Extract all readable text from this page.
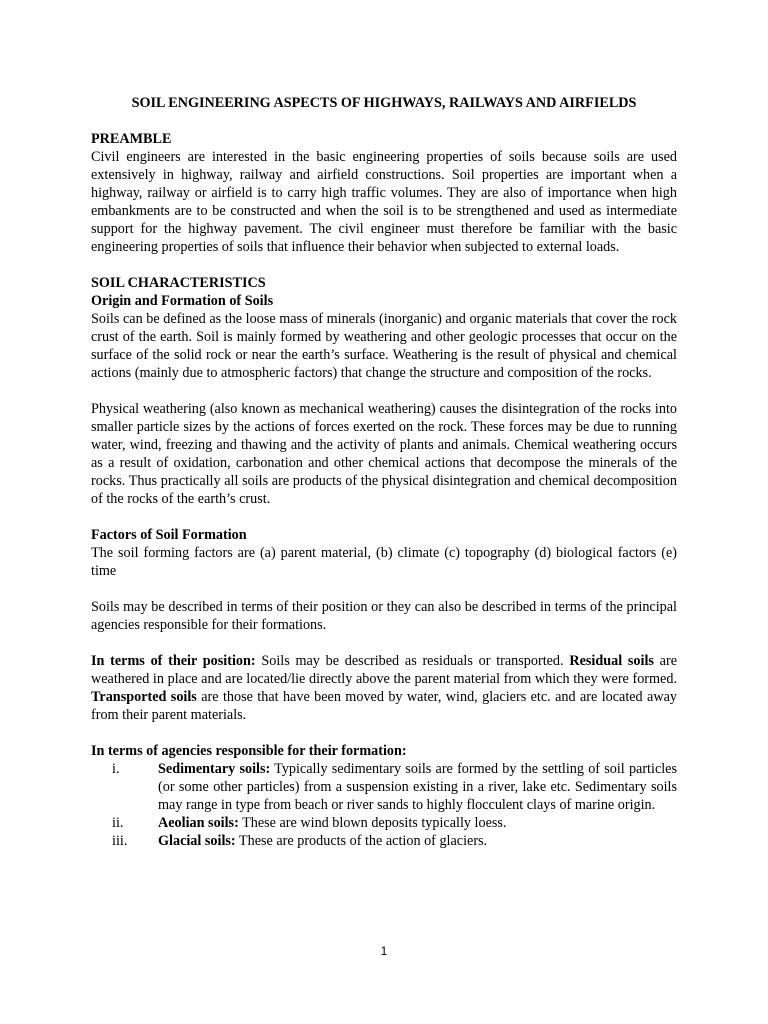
SOIL ENGINEERING ASPECTS OF HIGHWAYS, RAILWAYS AND AIRFIELDS
PREAMBLE

Civil engineers are interested in the basic engineering properties of soils because soils are used extensively in highway, railway and airfield constructions. Soil properties are important when a highway, railway or airfield is to carry high traffic volumes. They are also of importance when high embankments are to be constructed and when the soil is to be strengthened and used as intermediate support for the highway pavement. The civil engineer must therefore be familiar with the basic engineering properties of soils that influence their behavior when subjected to external loads.

SOIL CHARACTERISTICS
Origin and Formation of Soils

Soils can be defined as the loose mass of minerals (inorganic) and organic materials that cover the rock crust of the earth. Soil is mainly formed by weathering and other geologic processes that occur on the surface of the solid rock or near the earth’s surface. Weathering is the result of physical and chemical actions (mainly due to atmospheric factors) that change the structure and composition of the rocks.

Physical weathering (also known as mechanical weathering) causes the disintegration of the rocks into smaller particle sizes by the actions of forces exerted on the rock. These forces may be due to running water, wind, freezing and thawing and the activity of plants and animals. Chemical weathering occurs as a result of oxidation, carbonation and other chemical actions that decompose the minerals of the rocks. Thus practically all soils are products of the physical disintegration and chemical decomposition of the rocks of the earth’s crust.

Factors of Soil Formation

The soil forming factors are (a) parent material, (b) climate (c) topography (d) biological factors (e) time

Soils may be described in terms of their position or they can also be described in terms of the principal agencies responsible for their formations.

In terms of their position: Soils may be described as residuals or transported. Residual soils are weathered in place and are located/lie directly above the parent material from which they were formed. Transported soils are those that have been moved by water, wind, glaciers etc. and are located away from their parent materials.

In terms of agencies responsible for their formation:
i.	Sedimentary soils: Typically sedimentary soils are formed by the settling of soil particles (or some other particles) from a suspension existing in a river, lake etc. Sedimentary soils may range in type from beach or river sands to highly flocculent clays of marine origin.
ii.	Aeolian soils: These are wind blown deposits typically loess.
iii.	Glacial soils: These are products of the action of glaciers.
1
